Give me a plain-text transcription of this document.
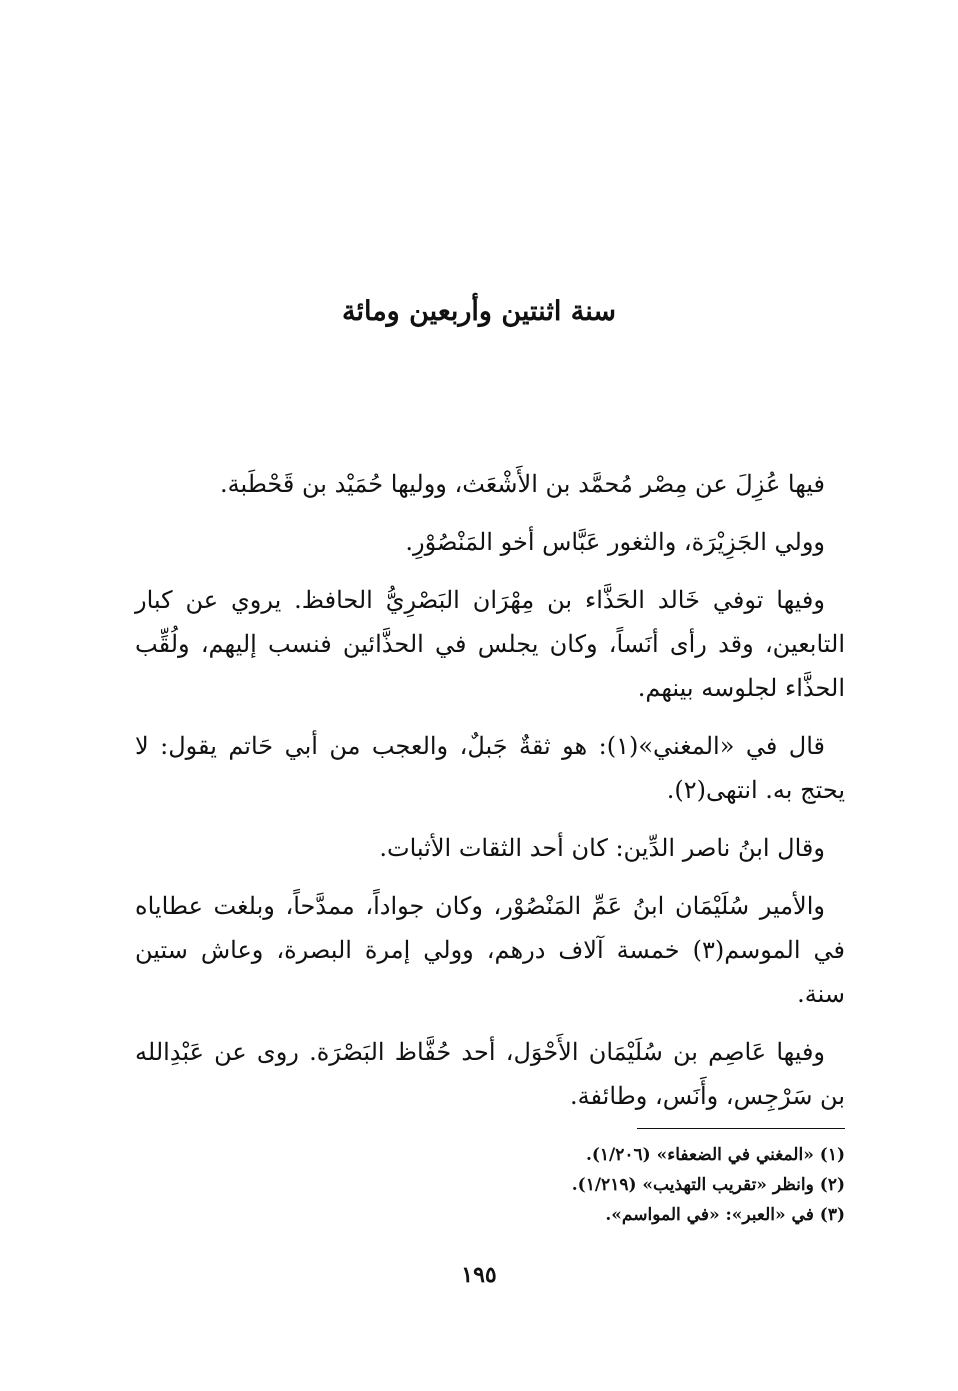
سنة اثنتين وأربعين ومائة

فيها عُزِلَ عن مِصْر مُحمَّد بن الأَشْعَث، ووليها حُمَيْد بن قَحْطَبة.

وولي الجَزِيْرَة، والثغور عَبَّاس أخو المَنْصُوْرِ.

وفيها توفي خَالد الحَذَّاء بن مِهْرَان البَصْرِيُّ الحافظ. يروي عن كبار التابعين، وقد رأى أنَساً، وكان يجلس في الحذَّائين فنسب إليهم، ولُقِّب الحذَّاء لجلوسه بينهم.

قال في «المغني»(١): هو ثقةٌ جَبلٌ، والعجب من أبي حَاتم يقول: لا يحتج به. انتهى(٢).

وقال ابنُ ناصر الدِّين: كان أحد الثقات الأثبات.

والأمير سُلَيْمَان ابنُ عَمِّ المَنْصُوْر، وكان جواداً، ممدَّحاً، وبلغت عطاياه في الموسم(٣) خمسة آلاف درهم، وولي إمرة البصرة، وعاش ستين سنة.

وفيها عَاصِم بن سُلَيْمَان الأَحْوَل، أحد حُفَّاظ البَصْرَة. روى عن عَبْدِالله بن سَرْجِس، وأَنَس، وطائفة.

(١) «المغني في الضعفاء» (١/٢٠٦).

(٢) وانظر «تقريب التهذيب» (١/٢١٩).

(٣) في «العبر»: «في المواسم».

١٩٥
